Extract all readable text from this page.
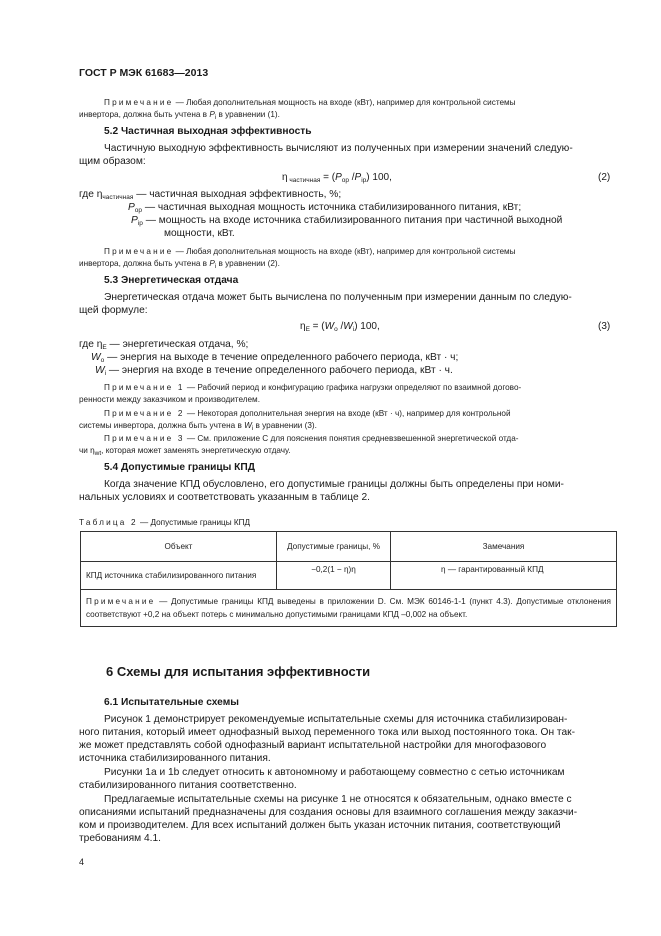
ГОСТ Р МЭК 61683—2013
Примечание — Любая дополнительная мощность на входе (кВт), например для контрольной системы
инвертора, должна быть учтена в $P_i$ в уравнении (1).
5.2 Частичная выходная эффективность
Частичную выходную эффективность вычисляют из полученных при измерении значений следую-
щим образом:
η $_{частичная} = (P_{ор}$ $/P_{iр}$) 100,	(2)
где $\eta_{частичная}$ — частичная выходная эффективность, %;
$P_{ор}$ — частичная выходная мощность источника стабилизированного питания, кВт;
$P_{iр}$ — мощность на входе источника стабилизированного питания при частичной выходной
мощности, кВт.
Примечание — Любая дополнительная мощность на входе (кВт), например для контрольной системы
инвертора, должна быть учтена в $P_i$ в уравнении (2).
5.3 Энергетическая отдача
Энергетическая отдача может быть вычислена по полученным при измерении данным по следую-
щей формуле:
$\eta_E = (W_o$ $/W_i$) 100,	(3)
где $\eta_E$ — энергетическая отдача, %;
$W_o$ — энергия на выходе в течение определенного рабочего периода, кВт · ч;
$W_i$ — энергия на входе в течение определенного рабочего периода, кВт · ч.
Примечание 1 — Рабочий период и конфигурацию графика нагрузки определяют по взаимной догово-
ренности между заказчиком и производителем.
Примечание 2 — Некоторая дополнительная энергия на входе (кВт · ч), например для контрольной
системы инвертора, должна быть учтена в $W_i$ в уравнении (3).
Примечание 3 — См. приложение С для пояснения понятия средневзвешенной энергетической отда-
чи $\eta_{wt}$, которая может заменять энергетическую отдачу.
5.4 Допустимые границы КПД
Когда значение КПД обусловлено, его допустимые границы должны быть определены при номи-
нальных условиях и соответствовать указанным в таблице 2.
Таблица 2 — Допустимые границы КПД
Объект	Допустимые границы, %	Замечания
КПД источника стабилизированного питания	−0,2(1 − η)η	η — гарантированный КПД
Примечание — Допустимые границы КПД выведены в приложении D. См. МЭК 60146-1-1 (пункт 4.3). Допустимые отклонения соответствуют +0,2 на объект потерь с минимально допустимыми границами КПД –0,002 на объект.		
6 Схемы для испытания эффективности
6.1 Испытательные схемы
Рисунок 1 демонстрирует рекомендуемые испытательные схемы для источника стабилизирован-
ного питания, который имеет однофазный выход переменного тока или выход постоянного тока. Он так-
же может представлять собой однофазный вариант испытательной настройки для многофазового
источника стабилизированного питания.
Рисунки 1а и 1b следует относить к автономному и работающему совместно с сетью источникам
стабилизированного питания соответственно.
Предлагаемые испытательные схемы на рисунке 1 не относятся к обязательным, однако вместе с
описаниями испытаний предназначены для создания основы для взаимного соглашения между заказчи-
ком и производителем. Для всех испытаний должен быть указан источник питания, соответствующий
требованиям 4.1.
4
